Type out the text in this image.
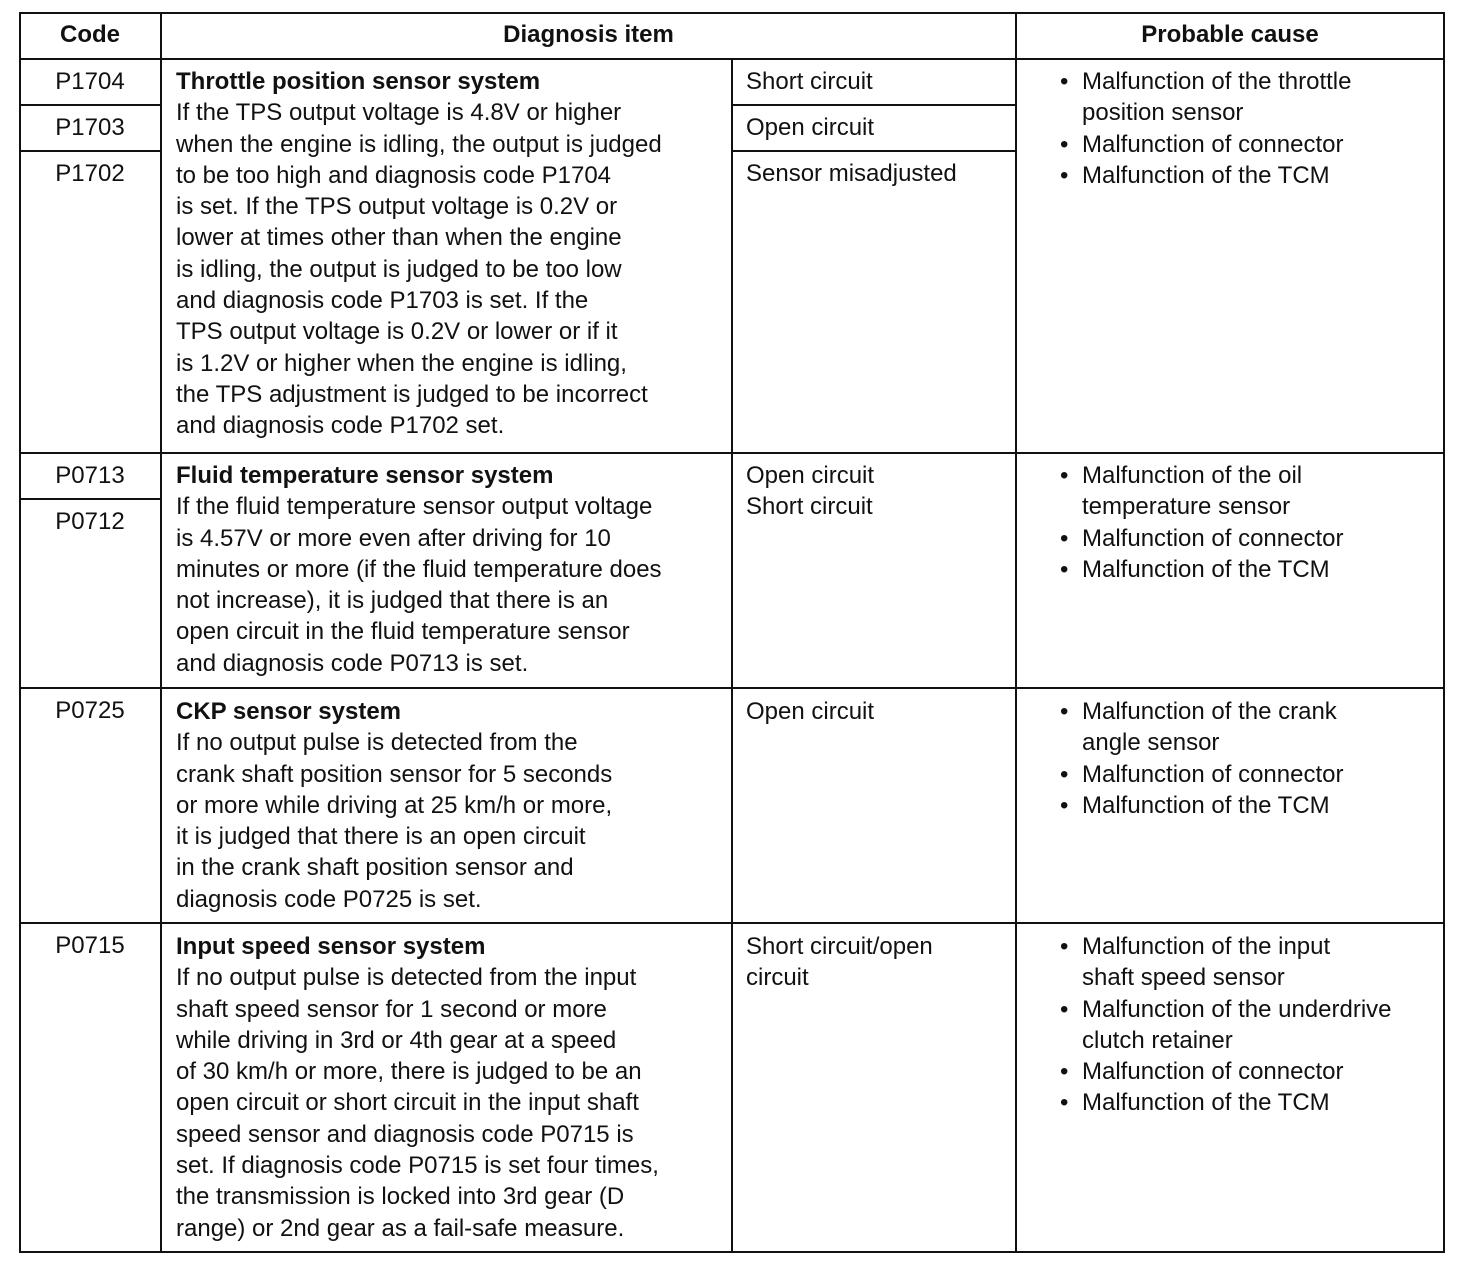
Code	Diagnosis item	Probable cause
P1704
P1703
P1702
Throttle position sensor system
If the TPS output voltage is 4.8V or higher
when the engine is idling, the output is judged
to be too high and diagnosis code P1704
is set. If the TPS output voltage is 0.2V or
lower at times other than when the engine
is idling, the output is judged to be too low
and diagnosis code P1703 is set. If the
TPS output voltage is 0.2V or lower or if it
is 1.2V or higher when the engine is idling,
the TPS adjustment is judged to be incorrect
and diagnosis code P1702 set.
Short circuit
Open circuit
Sensor misadjusted
• Malfunction of the throttle
position sensor
• Malfunction of connector
• Malfunction of the TCM
P0713
P0712
Fluid temperature sensor system
If the fluid temperature sensor output voltage
is 4.57V or more even after driving for 10
minutes or more (if the fluid temperature does
not increase), it is judged that there is an
open circuit in the fluid temperature sensor
and diagnosis code P0713 is set.
Open circuit
Short circuit
• Malfunction of the oil
temperature sensor
• Malfunction of connector
• Malfunction of the TCM
P0725	CKP sensor system
If no output pulse is detected from the
crank shaft position sensor for 5 seconds
or more while driving at 25 km/h or more,
it is judged that there is an open circuit
in the crank shaft position sensor and
diagnosis code P0725 is set.
Open circuit
•	Malfunction of the crank
angle sensor
• Malfunction of connector
• Malfunction of the TCM
P0715	Input speed sensor system
If no output pulse is detected from the input
shaft speed sensor for 1 second or more
while driving in 3rd or 4th gear at a speed
of 30 km/h or more, there is judged to be an
open circuit or short circuit in the input shaft
speed sensor and diagnosis code P0715 is
set. If diagnosis code P0715 is set four times,
the transmission is locked into 3rd gear (D
range) or 2nd gear as a fail-safe measure.
Short circuit/open
circuit
• Malfunction of the input
shaft speed sensor
• Malfunction of the underdrive
clutch retainer
• Malfunction of connector
• Malfunction of the TCM
